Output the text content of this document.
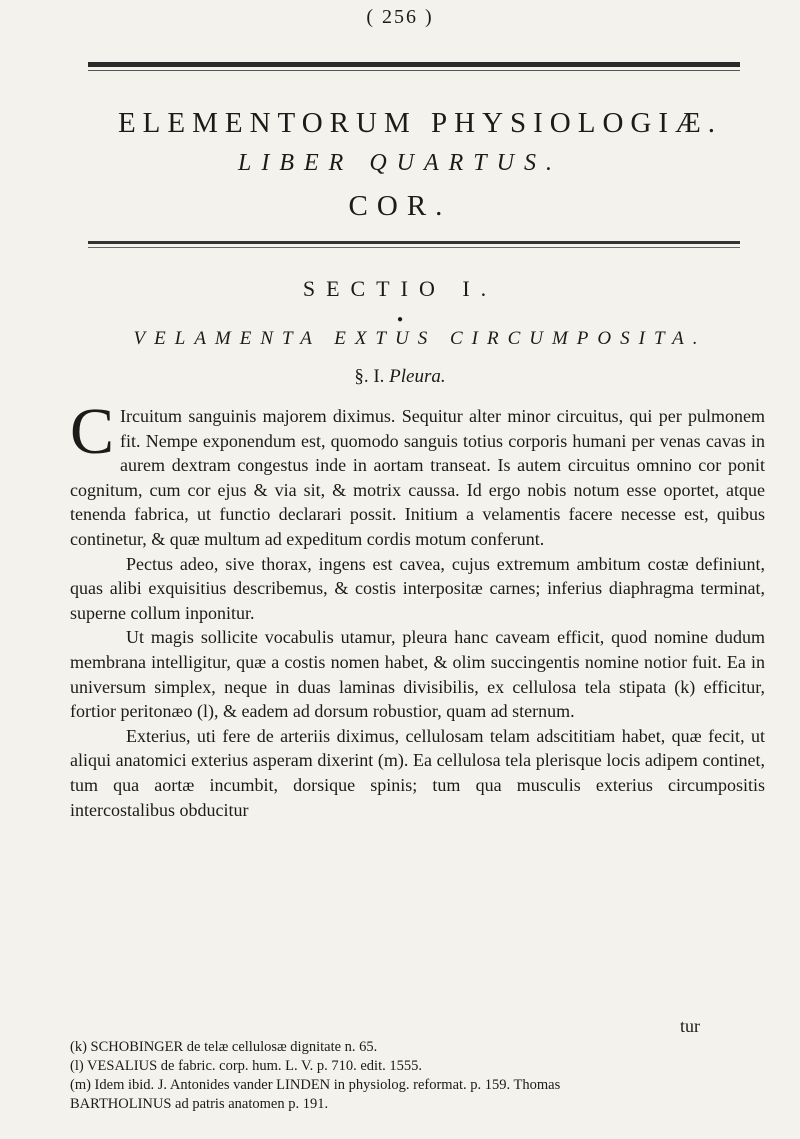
( 256 )
ELEMENTORUM PHYSIOLOGIÆ.
LIBER QUARTUS.
COR.
SECTIO I.
●
VELAMENTA EXTUS CIRCUMPOSITA.
§. I. Pleura.

C Ircuitum sanguinis majorem diximus. Sequitur alter minor circuitus, qui per pulmonem fit. Nempe exponendum est, quomodo sanguis totius corporis humani per venas cavas in aurem dextram congestus inde in aortam transeat. Is autem circuitus omnino cor ponit cognitum, cum cor ejus & via sit, & motrix caussa. Id ergo nobis notum esse oportet, atque tenenda fabrica, ut functio declarari possit. Initium a velamentis facere necesse est, quibus continetur, & quæ multum ad expeditum cordis motum conferunt.

Pectus adeo, sive thorax, ingens est cavea, cujus extremum ambitum costæ definiunt, quas alibi exquisitius describemus, & costis interpositæ carnes; inferius diaphragma terminat, superne collum inponitur.

Ut magis sollicite vocabulis utamur, pleura hanc caveam efficit, quod nomine dudum membrana intelligitur, quæ a costis nomen habet, & olim succingentis nomine notior fuit. Ea in universum simplex, neque in duas laminas divisibilis, ex cellulosa tela stipata (k) efficitur, fortior peritonæo (l), & eadem ad dorsum robustior, quam ad sternum.

Exterius, uti fere de arteriis diximus, cellulosam telam adscititiam habet, quæ fecit, ut aliqui anatomici exterius asperam dixerint (m). Ea cellulosa tela plerisque locis adipem continet, tum qua aortæ incumbit, dorsique spinis; tum qua musculis exterius circumpositis intercostalibus obducitur

tur
(k) SCHOBINGER de telæ cellulosæ dignitate n. 65.
(l) VESALIUS de fabric. corp. hum. L. V. p. 710. edit. 1555.
(m) Idem ibid. J. Antonides vander LINDEN in physiolog. reformat. p. 159. Thomas
BARTHOLINUS ad patris anatomen p. 191.
